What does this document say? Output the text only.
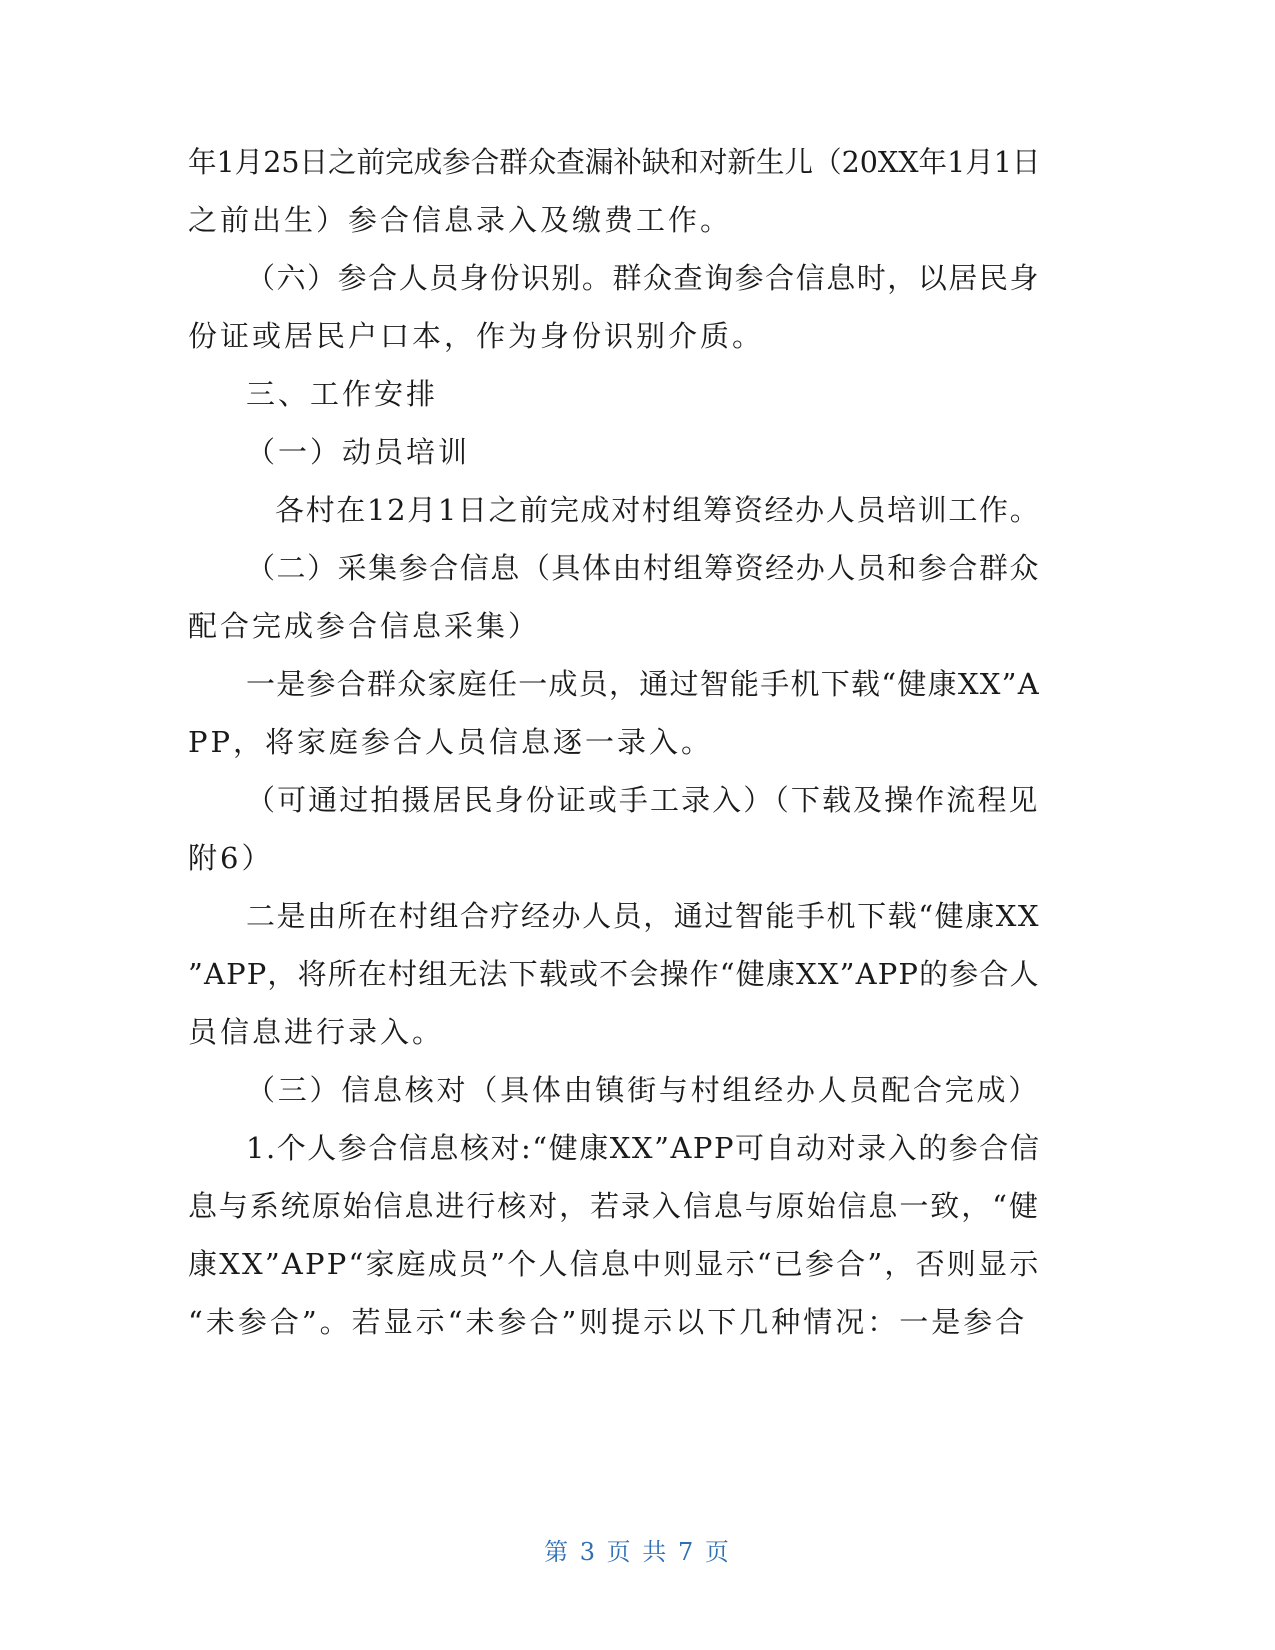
年1月25日之前完成参合群众查漏补缺和对新生儿（20XX年1月1日
之前出生）参合信息录入及缴费工作。
（六）参合人员身份识别。群众查询参合信息时，以居民身
份证或居民户口本，作为身份识别介质。
三、工作安排
（一）动员培训
各村在12月1日之前完成对村组筹资经办人员培训工作。
（二）采集参合信息（具体由村组筹资经办人员和参合群众
配合完成参合信息采集）
一是参合群众家庭任一成员，通过智能手机下载“健康XX”A
PP，将家庭参合人员信息逐一录入。
（可通过拍摄居民身份证或手工录入）（下载及操作流程见
附6）
二是由所在村组合疗经办人员，通过智能手机下载“健康XX
”APP，将所在村组无法下载或不会操作“健康XX”APP的参合人
员信息进行录入。
（三）信息核对（具体由镇街与村组经办人员配合完成）
1.个人参合信息核对:“健康XX”APP可自动对录入的参合信
息与系统原始信息进行核对，若录入信息与原始信息一致，“健
康XX”APP“家庭成员”个人信息中则显示“已参合”，否则显示
“未参合”。若显示“未参合”则提示以下几种情况：一是参合
第 3 页 共 7 页
